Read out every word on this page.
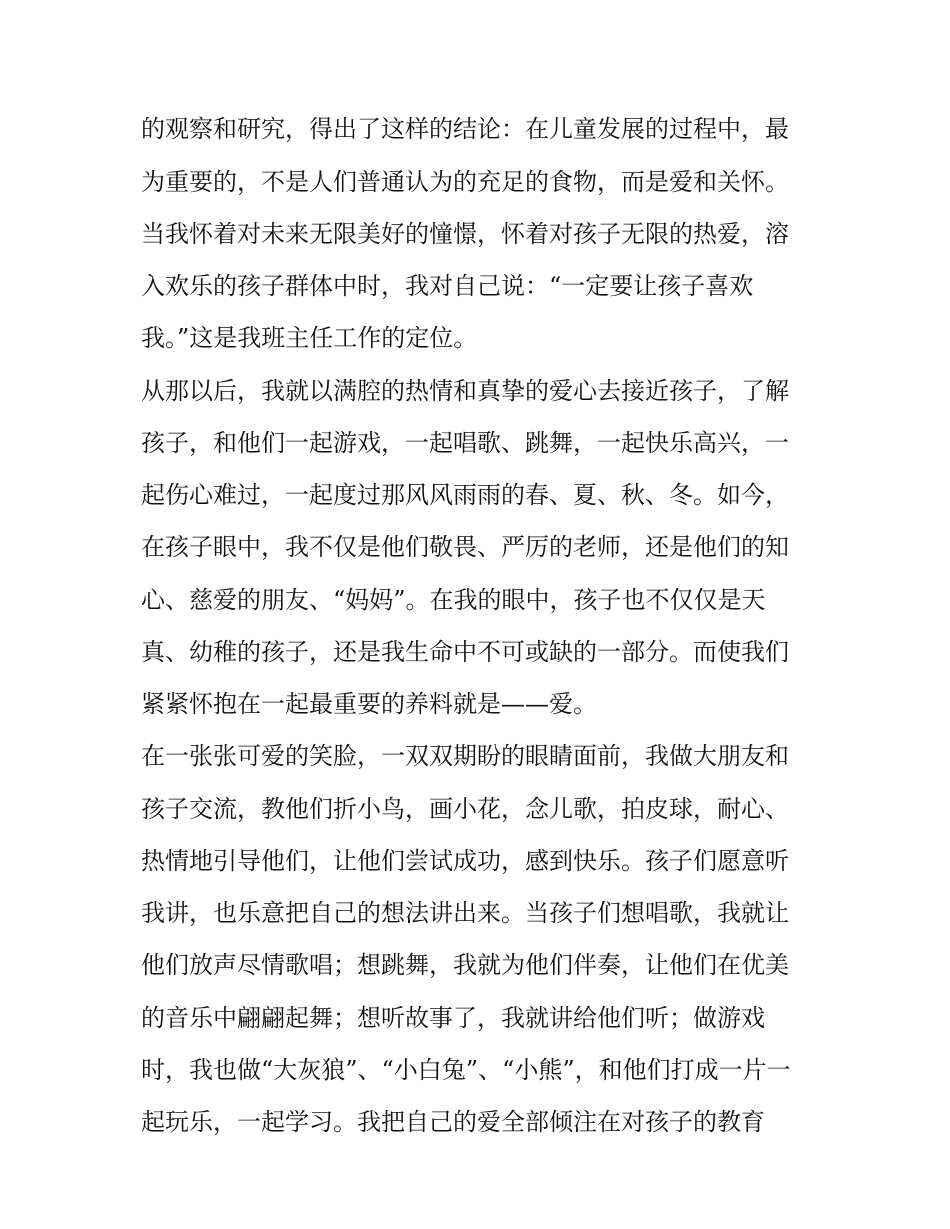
的观察和研究，得出了这样的结论：在儿童发展的过程中，最
为重要的，不是人们普通认为的充足的食物，而是爱和关怀。
当我怀着对未来无限美好的憧憬，怀着对孩子无限的热爱，溶
入欢乐的孩子群体中时，我对自己说：“一定要让孩子喜欢
我。”这是我班主任工作的定位。
从那以后，我就以满腔的热情和真挚的爱心去接近孩子，了解
孩子，和他们一起游戏，一起唱歌、跳舞，一起快乐高兴，一
起伤心难过，一起度过那风风雨雨的春、夏、秋、冬。如今，
在孩子眼中，我不仅是他们敬畏、严厉的老师，还是他们的知
心、慈爱的朋友、“妈妈”。在我的眼中，孩子也不仅仅是天
真、幼稚的孩子，还是我生命中不可或缺的一部分。而使我们
紧紧怀抱在一起最重要的养料就是——爱。
在一张张可爱的笑脸，一双双期盼的眼睛面前，我做大朋友和
孩子交流，教他们折小鸟，画小花，念儿歌，拍皮球，耐心、
热情地引导他们，让他们尝试成功，感到快乐。孩子们愿意听
我讲，也乐意把自己的想法讲出来。当孩子们想唱歌，我就让
他们放声尽情歌唱；想跳舞，我就为他们伴奏，让他们在优美
的音乐中翩翩起舞；想听故事了，我就讲给他们听；做游戏
时，我也做“大灰狼”、“小白兔”、“小熊”，和他们打成一片一
起玩乐，一起学习。我把自己的爱全部倾注在对孩子的教育
